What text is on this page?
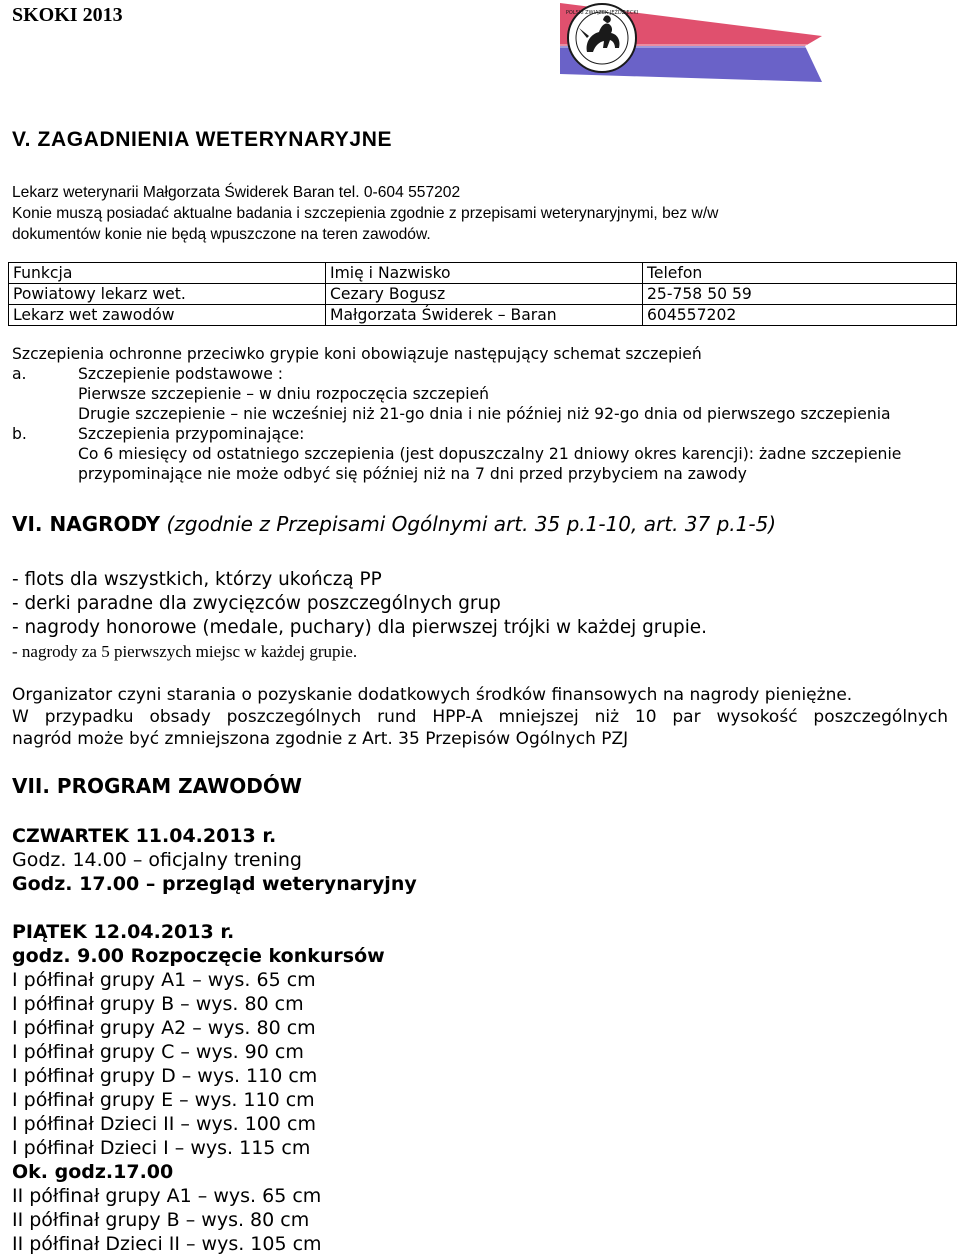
SKOKI 2013	POLSKI ZWIĄZEK JEŹDZIECKI
V. ZAGADNIENIA WETERYNARYJNE
Lekarz weterynarii Małgorzata Świderek Baran tel. 0-604 557202
Konie muszą posiadać aktualne badania i szczepienia zgodnie z przepisami weterynaryjnymi, bez w/w
dokumentów konie nie będą wpuszczone na teren zawodów.
Funkcja	Imię i Nazwisko	Telefon
Powiatowy lekarz wet.	Cezary Bogusz	25-758 50 59
Lekarz wet zawodów	Małgorzata Świderek – Baran	604557202
Szczepienia ochronne przeciwko grypie koni obowiązuje następujący schemat szczepień
a.	Szczepienie podstawowe :
Pierwsze szczepienie – w dniu rozpoczęcia szczepień
Drugie szczepienie – nie wcześniej niż 21-go dnia i nie później niż 92-go dnia od pierwszego szczepienia
b.	Szczepienia przypominające:
Co 6 miesięcy od ostatniego szczepienia (jest dopuszczalny 21 dniowy okres karencji): żadne szczepienie
przypominające nie może odbyć się później niż na 7 dni przed przybyciem na zawody
VI. NAGRODY (zgodnie z Przepisami Ogólnymi art. 35 p.1-10, art. 37 p.1-5)
- flots dla wszystkich, którzy ukończą PP
- derki paradne dla zwycięzców poszczególnych grup
- nagrody honorowe (medale, puchary) dla pierwszej trójki w każdej grupie.
- nagrody za 5 pierwszych miejsc w każdej grupie.
Organizator czyni starania o pozyskanie dodatkowych środków finansowych na nagrody pieniężne.
W przypadku obsady poszczególnych rund HPP-A mniejszej niż 10 par wysokość poszczególnych
nagród może być zmniejszona zgodnie z Art. 35 Przepisów Ogólnych PZJ
VII. PROGRAM ZAWODÓW
CZWARTEK 11.04.2013 r.
Godz. 14.00 – oficjalny trening
Godz. 17.00 – przegląd weterynaryjny
PIĄTEK 12.04.2013 r.
godz. 9.00 Rozpoczęcie konkursów
I półfinał grupy A1 – wys. 65 cm
I półfinał grupy B – wys. 80 cm
I półfinał grupy A2 – wys. 80 cm
I półfinał grupy C – wys. 90 cm
I półfinał grupy D – wys. 110 cm
I półfinał grupy E – wys. 110 cm
I półfinał Dzieci II – wys. 100 cm
I półfinał Dzieci I – wys. 115 cm
Ok. godz.17.00
II półfinał grupy A1 – wys. 65 cm
II półfinał grupy B – wys. 80 cm
II półfinał Dzieci II – wys. 105 cm
